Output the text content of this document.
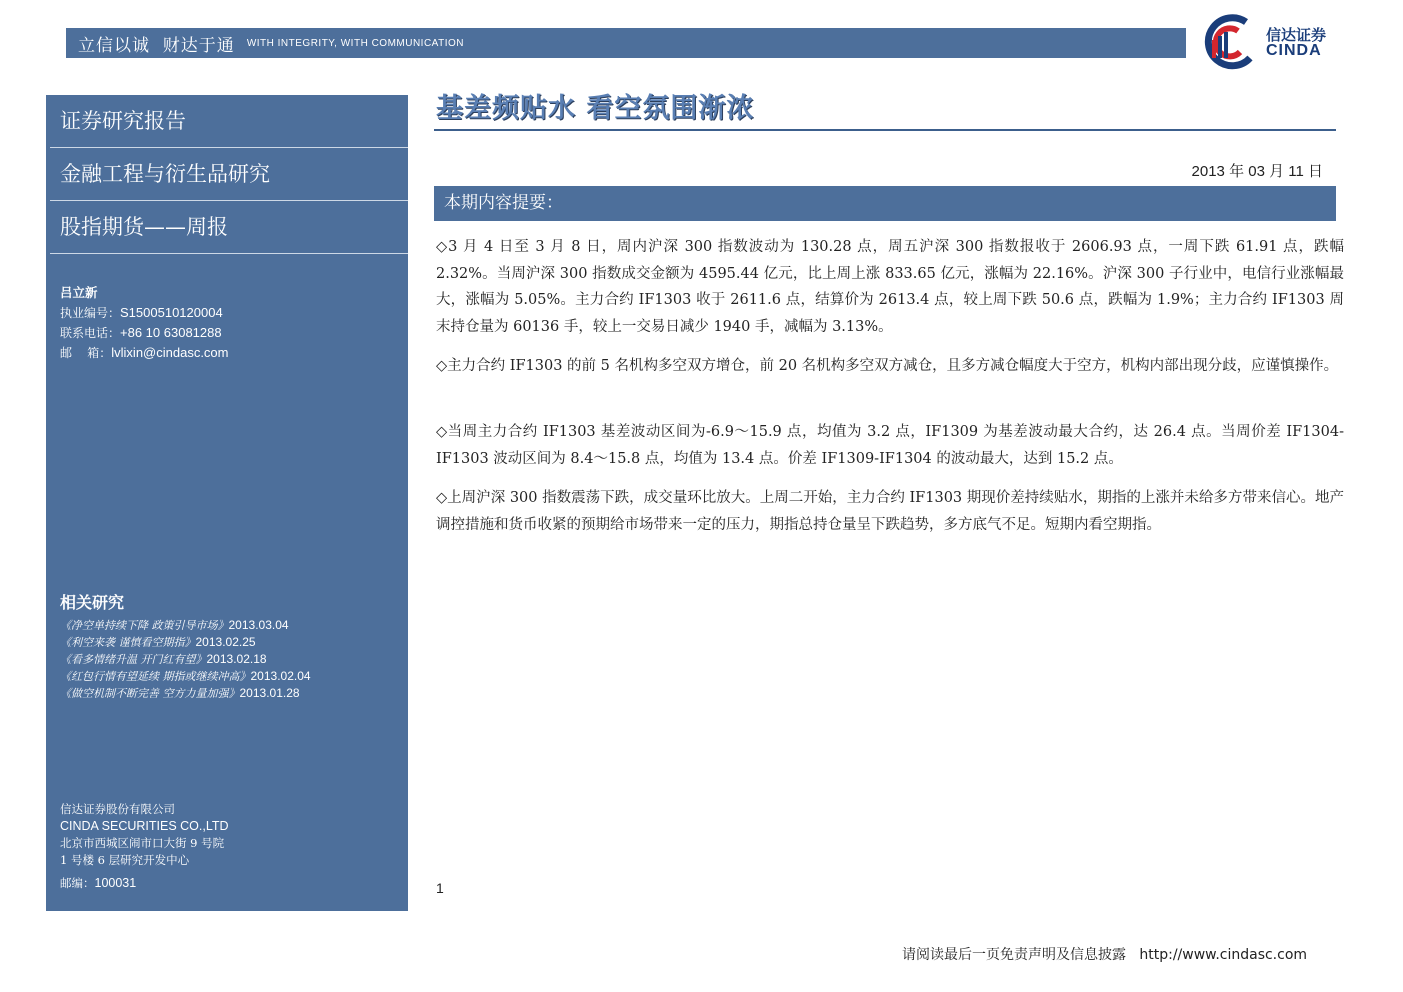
立信以诚  财达于通 WITH INTEGRITY, WITH COMMUNICATION	信达证券
CINDA
证券研究报告
金融工程与衍生品研究
股指期货——周报
吕立新
执业编号：S1500510120004
联系电话：+86 10 63081288
邮    箱：lvlixin@cindasc.com
相关研究
《净空单持续下降 政策引导市场》2013.03.04
《利空来袭 谨慎看空期指》2013.02.25
《看多情绪升温 开门红有望》2013.02.18
《红包行情有望延续 期指或继续冲高》2013.02.04
《做空机制不断完善 空方力量加强》2013.01.28
信达证券股份有限公司
CINDA SECURITIES CO.,LTD
北京市西城区闹市口大街 9 号院
1 号楼 6 层研究开发中心
邮编：100031
基差频贴水 看空氛围渐浓
2013 年 03 月 11 日
本期内容提要：
◇3 月 4 日至 3 月 8 日，周内沪深 300 指数波动为 130.28 点，周五沪深 300 指数报收于 2606.93 点，一周下跌 61.91 点，跌幅 2.32%。当周沪深 300 指数成交金额为 4595.44 亿元，比上周上涨 833.65 亿元，涨幅为 22.16%。沪深 300 子行业中，电信行业涨幅最大，涨幅为 5.05%。主力合约 IF1303 收于 2611.6 点，结算价为 2613.4 点，较上周下跌 50.6 点，跌幅为 1.9%；主力合约 IF1303 周末持仓量为 60136 手，较上一交易日减少 1940 手，减幅为 3.13%。
◇主力合约 IF1303 的前 5 名机构多空双方增仓，前 20 名机构多空双方减仓，且多方减仓幅度大于空方，机构内部出现分歧，应谨慎操作。
◇当周主力合约 IF1303 基差波动区间为-6.9～15.9 点，均值为 3.2 点，IF1309 为基差波动最大合约，达 26.4 点。当周价差 IF1304-IF1303 波动区间为 8.4～15.8 点，均值为 13.4 点。价差 IF1309-IF1304 的波动最大，达到 15.2 点。
◇上周沪深 300 指数震荡下跌，成交量环比放大。上周二开始，主力合约 IF1303 期现价差持续贴水，期指的上涨并未给多方带来信心。地产调控措施和货币收紧的预期给市场带来一定的压力，期指总持仓量呈下跌趋势，多方底气不足。短期内看空期指。
1
请阅读最后一页免责声明及信息披露 http://www.cindasc.com
